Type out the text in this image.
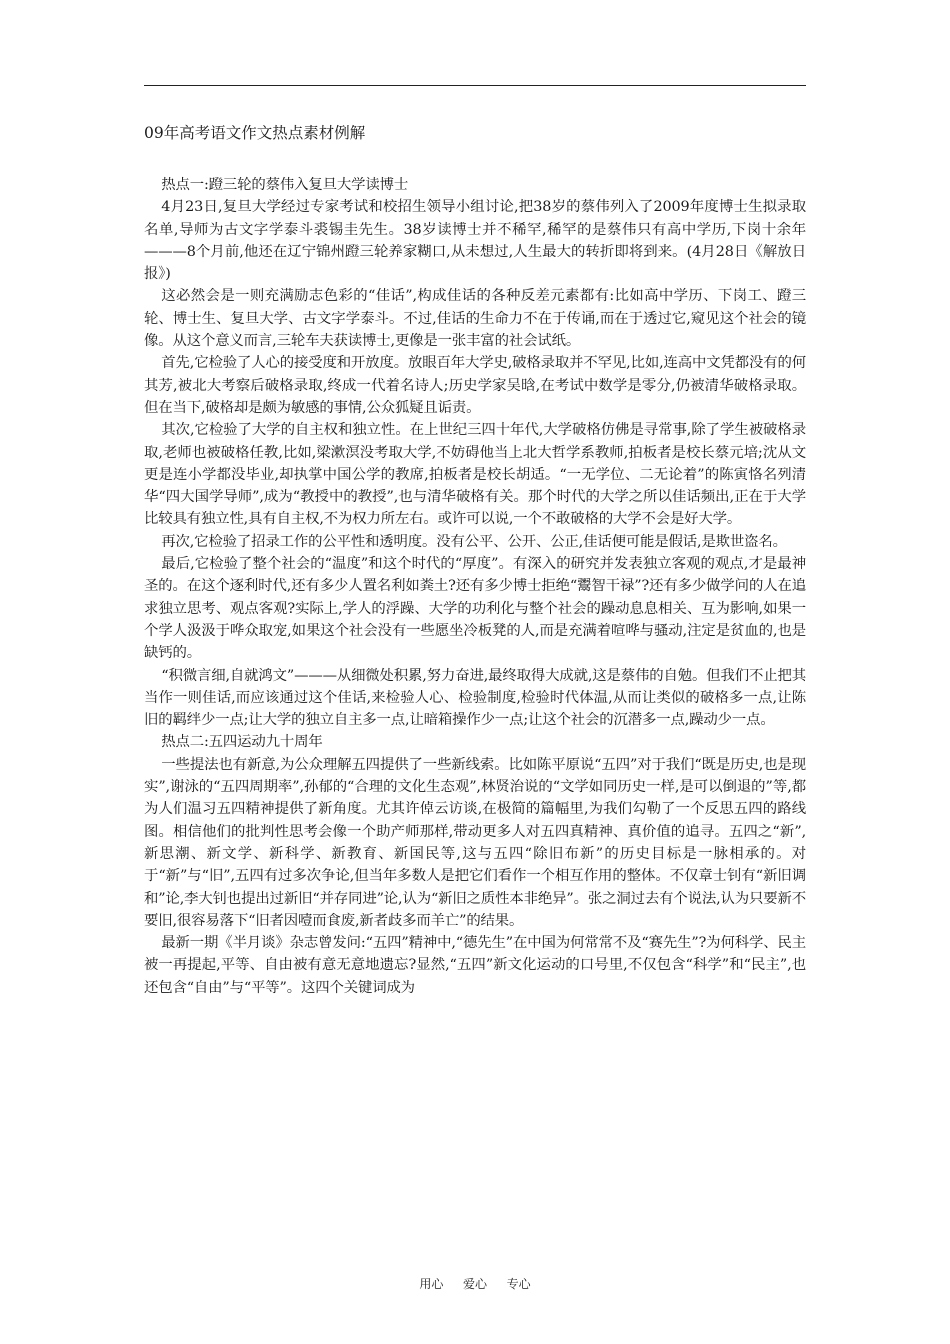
09年高考语文作文热点素材例解

热点一:蹬三轮的蔡伟入复旦大学读博士

4月23日,复旦大学经过专家考试和校招生领导小组讨论,把38岁的蔡伟列入了2009年度博士生拟录取名单,导师为古文字学泰斗裘锡圭先生。38岁读博士并不稀罕,稀罕的是蔡伟只有高中学历,下岗十余年———8个月前,他还在辽宁锦州蹬三轮养家糊口,从未想过,人生最大的转折即将到来。(4月28日《解放日报》)

这必然会是一则充满励志色彩的“佳话”,构成佳话的各种反差元素都有:比如高中学历、下岗工、蹬三轮、博士生、复旦大学、古文字学泰斗。不过,佳话的生命力不在于传诵,而在于透过它,窥见这个社会的镜像。从这个意义而言,三轮车夫获读博士,更像是一张丰富的社会试纸。

首先,它检验了人心的接受度和开放度。放眼百年大学史,破格录取并不罕见,比如,连高中文凭都没有的何其芳,被北大考察后破格录取,终成一代着名诗人;历史学家吴晗,在考试中数学是零分,仍被清华破格录取。但在当下,破格却是颇为敏感的事情,公众狐疑且诟责。

其次,它检验了大学的自主权和独立性。在上世纪三四十年代,大学破格仿佛是寻常事,除了学生被破格录取,老师也被破格任教,比如,梁漱溟没考取大学,不妨碍他当上北大哲学系教师,拍板者是校长蔡元培;沈从文更是连小学都没毕业,却执掌中国公学的教席,拍板者是校长胡适。“一无学位、二无论着”的陈寅恪名列清华“四大国学导师”,成为“教授中的教授”,也与清华破格有关。那个时代的大学之所以佳话频出,正在于大学比较具有独立性,具有自主权,不为权力所左右。或许可以说,一个不敢破格的大学不会是好大学。

再次,它检验了招录工作的公平性和透明度。没有公平、公开、公正,佳话便可能是假话,是欺世盗名。

最后,它检验了整个社会的“温度”和这个时代的“厚度”。有深入的研究并发表独立客观的观点,才是最神圣的。在这个逐利时代,还有多少人置名利如粪土?还有多少博士拒绝“鬻智干禄”?还有多少做学问的人在追求独立思考、观点客观?实际上,学人的浮躁、大学的功利化与整个社会的躁动息息相关、互为影响,如果一个学人汲汲于哗众取宠,如果这个社会没有一些愿坐冷板凳的人,而是充满着喧哗与骚动,注定是贫血的,也是缺钙的。

“积微言细,自就鸿文”———从细微处积累,努力奋进,最终取得大成就,这是蔡伟的自勉。但我们不止把其当作一则佳话,而应该通过这个佳话,来检验人心、检验制度,检验时代体温,从而让类似的破格多一点,让陈旧的羁绊少一点;让大学的独立自主多一点,让暗箱操作少一点;让这个社会的沉潜多一点,躁动少一点。

热点二:五四运动九十周年

一些提法也有新意,为公众理解五四提供了一些新线索。比如陈平原说“五四”对于我们“既是历史,也是现实”,谢泳的“五四周期率”,孙郁的“合理的文化生态观”,林贤治说的“文学如同历史一样,是可以倒退的”等,都为人们温习五四精神提供了新角度。尤其许倬云访谈,在极简的篇幅里,为我们勾勒了一个反思五四的路线图。相信他们的批判性思考会像一个助产师那样,带动更多人对五四真精神、真价值的追寻。五四之“新”,新思潮、新文学、新科学、新教育、新国民等,这与五四“除旧布新”的历史目标是一脉相承的。对于“新”与“旧”,五四有过多次争论,但当年多数人是把它们看作一个相互作用的整体。不仅章士钊有“新旧调和”论,李大钊也提出过新旧“并存同进”论,认为“新旧之质性本非绝异”。张之洞过去有个说法,认为只要新不要旧,很容易落下“旧者因噎而食废,新者歧多而羊亡”的结果。

最新一期《半月谈》杂志曾发问:“五四”精神中,“德先生”在中国为何常常不及“赛先生”?为何科学、民主被一再提起,平等、自由被有意无意地遗忘?显然,“五四”新文化运动的口号里,不仅包含“科学”和“民主”,也还包含“自由”与“平等”。这四个关键词成为

用心  爱心  专心
